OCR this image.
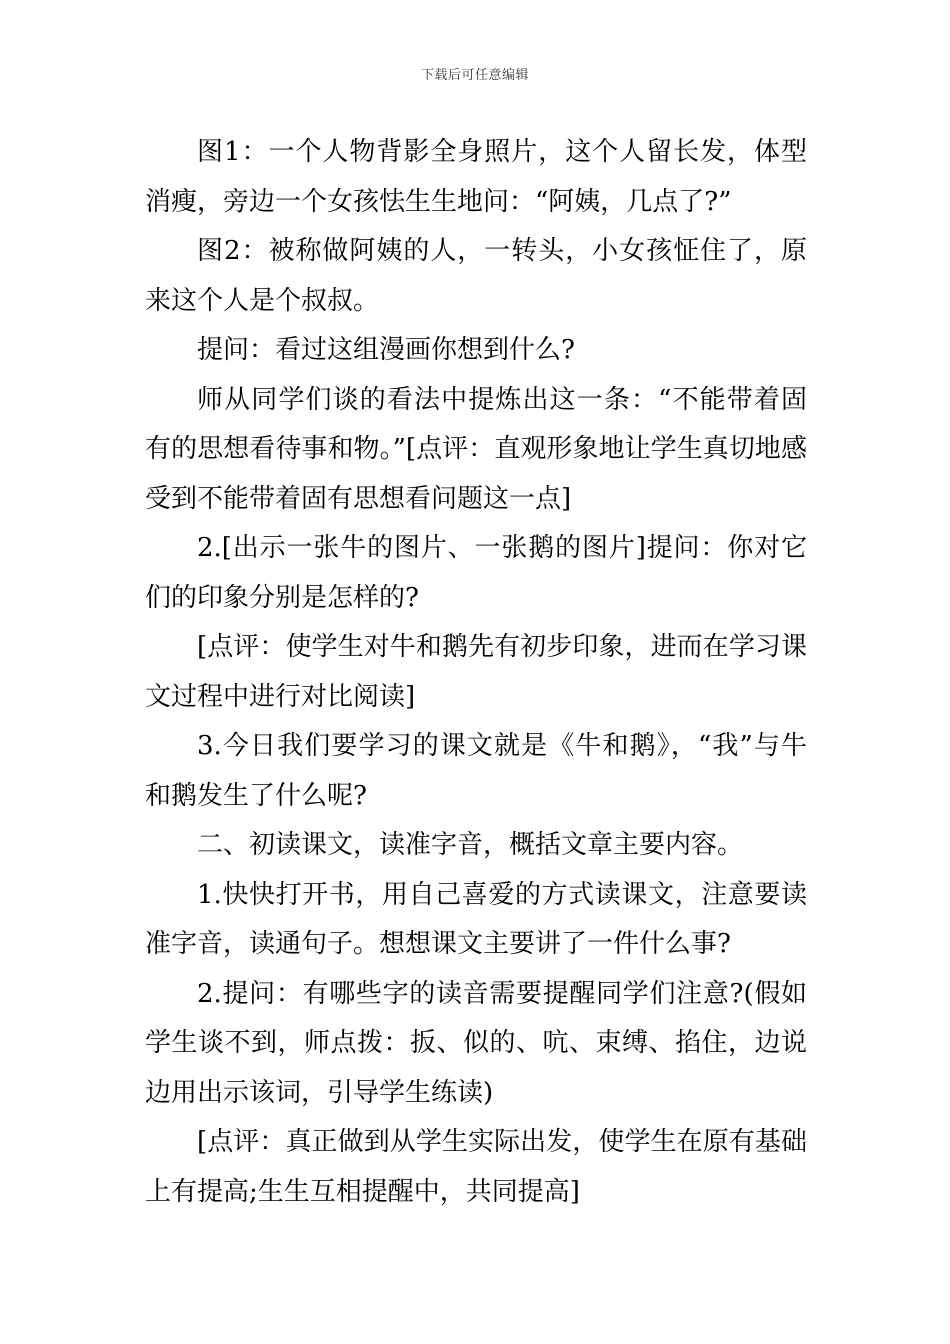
下载后可任意编辑

图1：一个人物背影全身照片，这个人留长发，体型消瘦，旁边一个女孩怯生生地问：“阿姨，几点了?”

图2：被称做阿姨的人，一转头，小女孩怔住了，原来这个人是个叔叔。

提问：看过这组漫画你想到什么?

师从同学们谈的看法中提炼出这一条：“不能带着固有的思想看待事和物。”[点评：直观形象地让学生真切地感受到不能带着固有思想看问题这一点]

2.[出示一张牛的图片、一张鹅的图片]提问：你对它们的印象分别是怎样的?

[点评：使学生对牛和鹅先有初步印象，进而在学习课文过程中进行对比阅读]

3.今日我们要学习的课文就是《牛和鹅》，“我”与牛和鹅发生了什么呢?

二、初读课文，读准字音，概括文章主要内容。

1.快快打开书，用自己喜爱的方式读课文，注意要读准字音，读通句子。想想课文主要讲了一件什么事?

2.提问：有哪些字的读音需要提醒同学们注意?(假如学生谈不到，师点拨：扳、似的、吭、束缚、掐住，边说边用出示该词，引导学生练读)

[点评：真正做到从学生实际出发，使学生在原有基础上有提高;生生互相提醒中，共同提高]
